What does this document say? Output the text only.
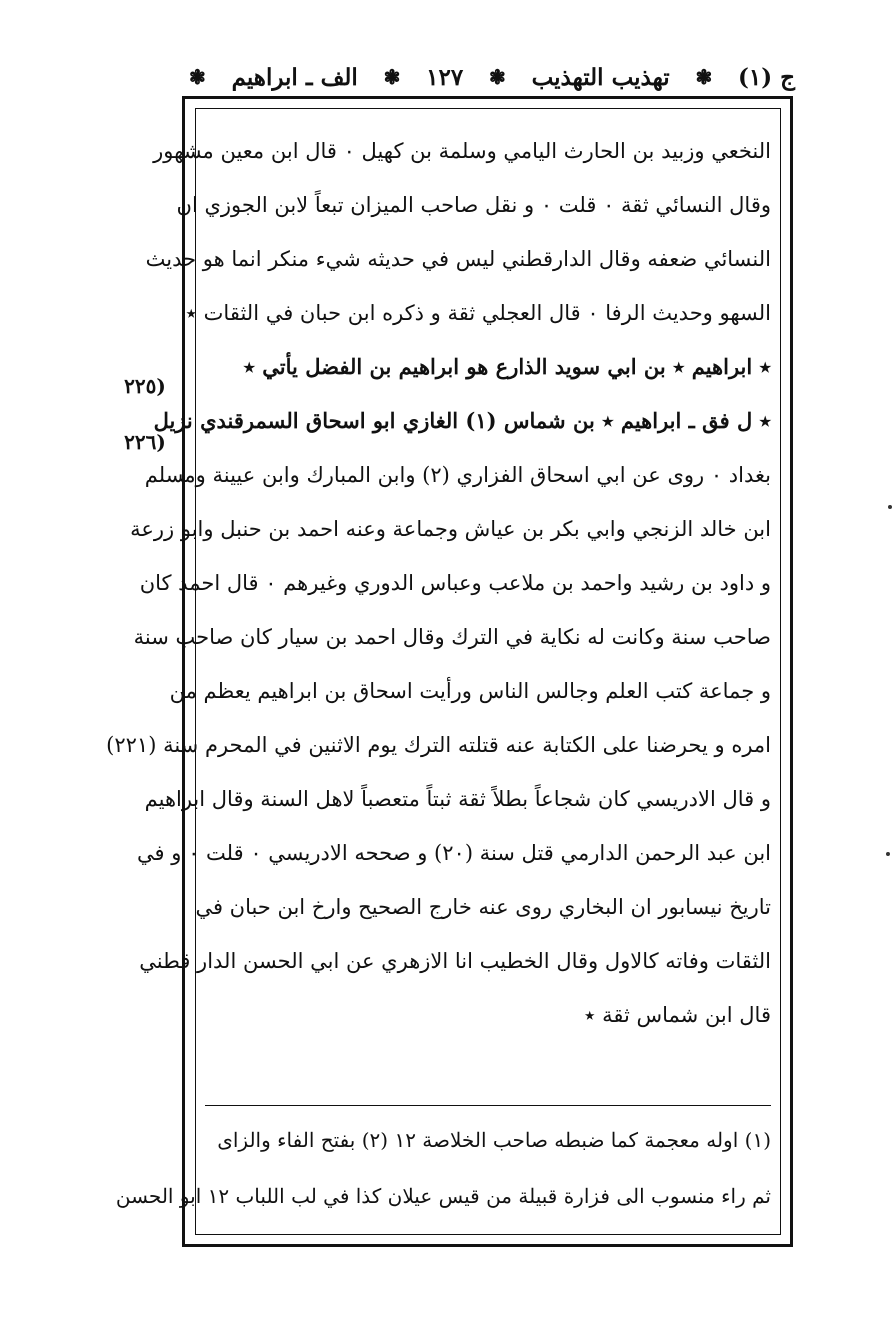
ج (١)
❃
تهذيب التهذيب
❃
١٢٧
❃
الف ـ ابراهيم
❃
(٢٢٥
(٢٢٦
النخعي وزبيد بن الحارث اليامي وسلمة بن كهيل ٠ قال ابن معين مشهور
وقال النسائي ثقة ٠ قلت ٠ و نقل صاحب الميزان تبعاً لابن الجوزي ان
النسائي ضعفه وقال الدارقطني ليس في حديثه شيء منكر انما هو حديث
السهو وحديث الرفا ٠ قال العجلي ثقة و ذكره ابن حبان في الثقات ٭
٭ ابراهيم ٭ بن ابي سويد الذارع هو ابراهيم بن الفضل يأتي ٭
٭ ل فق ـ ابراهيم ٭ بن شماس (١) الغازي ابو اسحاق السمرقندي نزيل
بغداد ٠ روى عن ابي اسحاق الفزاري (٢) وابن المبارك وابن عيينة ومسلم
ابن خالد الزنجي وابي بكر بن عياش وجماعة وعنه احمد بن حنبل وابو زرعة
و داود بن رشيد واحمد بن ملاعب وعباس الدوري وغيرهم ٠ قال احمد كان
صاحب سنة وكانت له نكاية في الترك وقال احمد بن سيار كان صاحب سنة
و جماعة كتب العلم وجالس الناس ورأيت اسحاق بن ابراهيم يعظم من
امره و يحرضنا على الكتابة عنه قتلته الترك يوم الاثنين في المحرم سنة (٢٢١)
و قال الادريسي كان شجاعاً بطلاً ثقة ثبتاً متعصباً لاهل السنة وقال ابراهيم
ابن عبد الرحمن الدارمي قتل سنة (٢٠) و صححه الادريسي ٠ قلت ٠ و في
تاريخ نيسابور ان البخاري روى عنه خارج الصحيح وارخ ابن حبان في
الثقات وفاته كالاول وقال الخطيب انا الازهري عن ابي الحسن الدار قطني
قال ابن شماس ثقة ٭
(١) اوله معجمة كما ضبطه صاحب الخلاصة ١٢ (٢) بفتح الفاء والزاى
ثم راء منسوب الى فزارة قبيلة من قيس عيلان كذا في لب اللباب ١٢ ابو الحسن
